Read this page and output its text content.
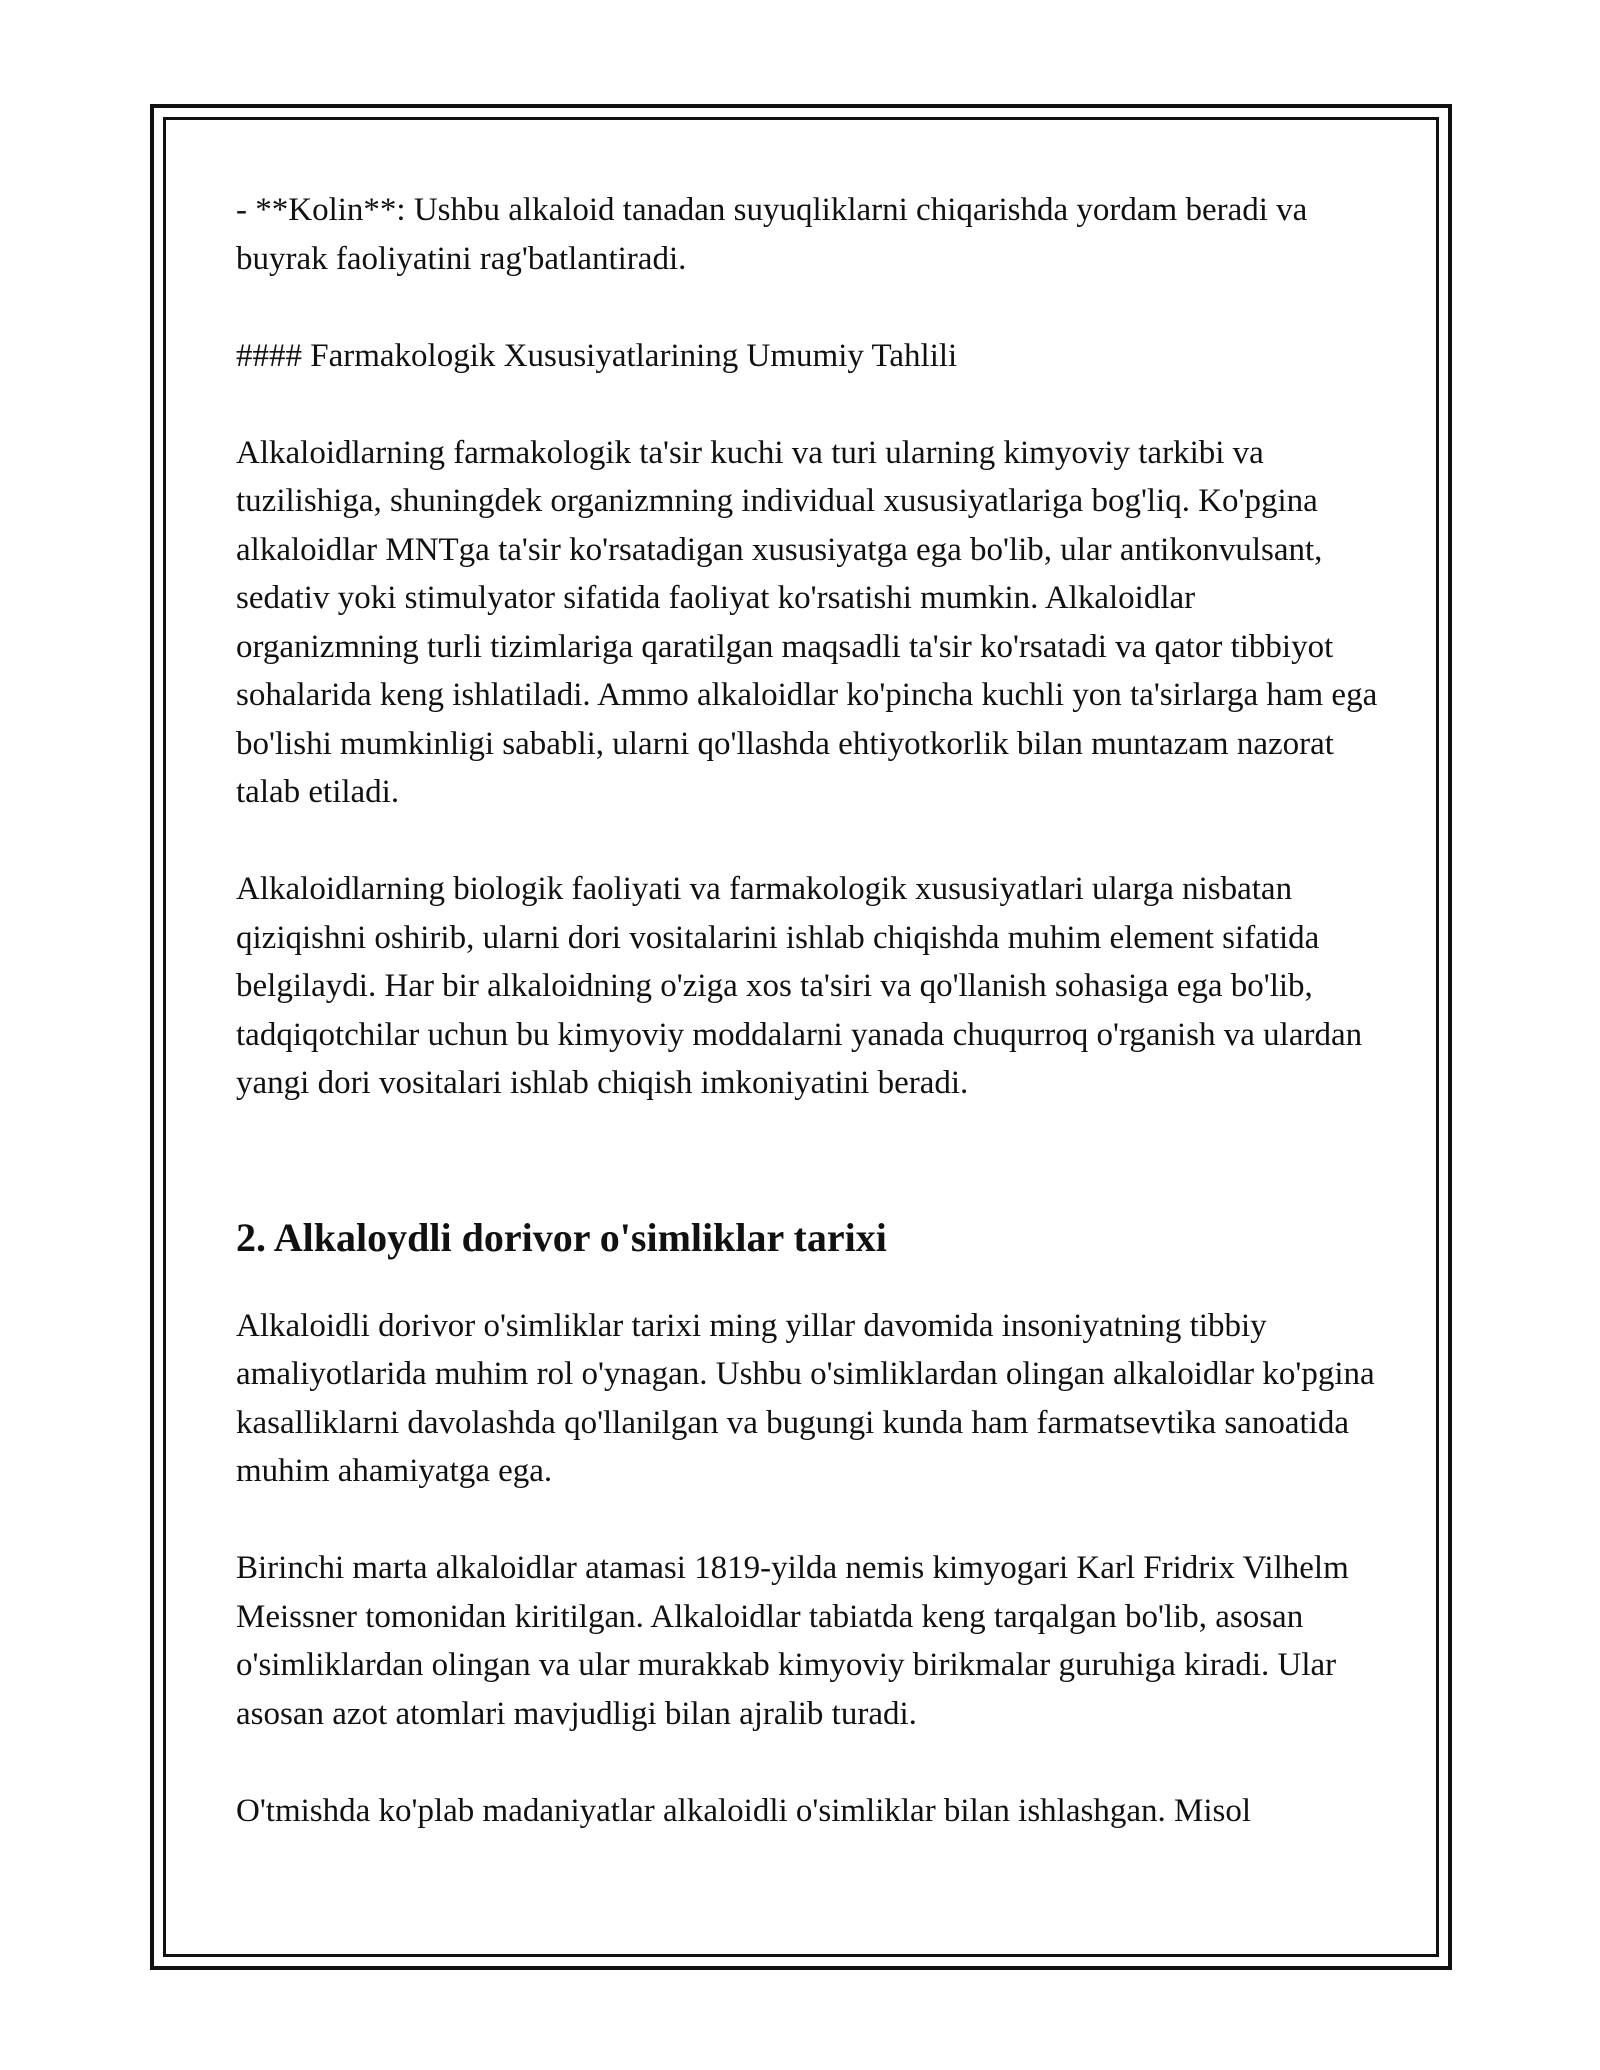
- **Kolin**: Ushbu alkaloid tanadan suyuqliklarni chiqarishda yordam beradi va buyrak faoliyatini rag'batlantiradi.

#### Farmakologik Xususiyatlarining Umumiy Tahlili

Alkaloidlarning farmakologik ta'sir kuchi va turi ularning kimyoviy tarkibi va tuzilishiga, shuningdek organizmning individual xususiyatlariga bog'liq. Ko'pgina alkaloidlar MNTga ta'sir ko'rsatadigan xususiyatga ega bo'lib, ular antikonvulsant, sedativ yoki stimulyator sifatida faoliyat ko'rsatishi mumkin. Alkaloidlar organizmning turli tizimlariga qaratilgan maqsadli ta'sir ko'rsatadi va qator tibbiyot sohalarida keng ishlatiladi. Ammo alkaloidlar ko'pincha kuchli yon ta'sirlarga ham ega bo'lishi mumkinligi sababli, ularni qo'llashda ehtiyotkorlik bilan muntazam nazorat talab etiladi.

Alkaloidlarning biologik faoliyati va farmakologik xususiyatlari ularga nisbatan qiziqishni oshirib, ularni dori vositalarini ishlab chiqishda muhim element sifatida belgilaydi. Har bir alkaloidning o'ziga xos ta'siri va qo'llanish sohasiga ega bo'lib, tadqiqotchilar uchun bu kimyoviy moddalarni yanada chuqurroq o'rganish va ulardan yangi dori vositalari ishlab chiqish imkoniyatini beradi.

2. Alkaloydli dorivor o'simliklar tarixi

Alkaloidli dorivor o'simliklar tarixi ming yillar davomida insoniyatning tibbiy amaliyotlarida muhim rol o'ynagan. Ushbu o'simliklardan olingan alkaloidlar ko'pgina kasalliklarni davolashda qo'llanilgan va bugungi kunda ham farmatsevtika sanoatida muhim ahamiyatga ega.

Birinchi marta alkaloidlar atamasi 1819-yilda nemis kimyogari Karl Fridrix Vilhelm Meissner tomonidan kiritilgan. Alkaloidlar tabiatda keng tarqalgan bo'lib, asosan o'simliklardan olingan va ular murakkab kimyoviy birikmalar guruhiga kiradi. Ular asosan azot atomlari mavjudligi bilan ajralib turadi.

O'tmishda ko'plab madaniyatlar alkaloidli o'simliklar bilan ishlashgan. Misol
